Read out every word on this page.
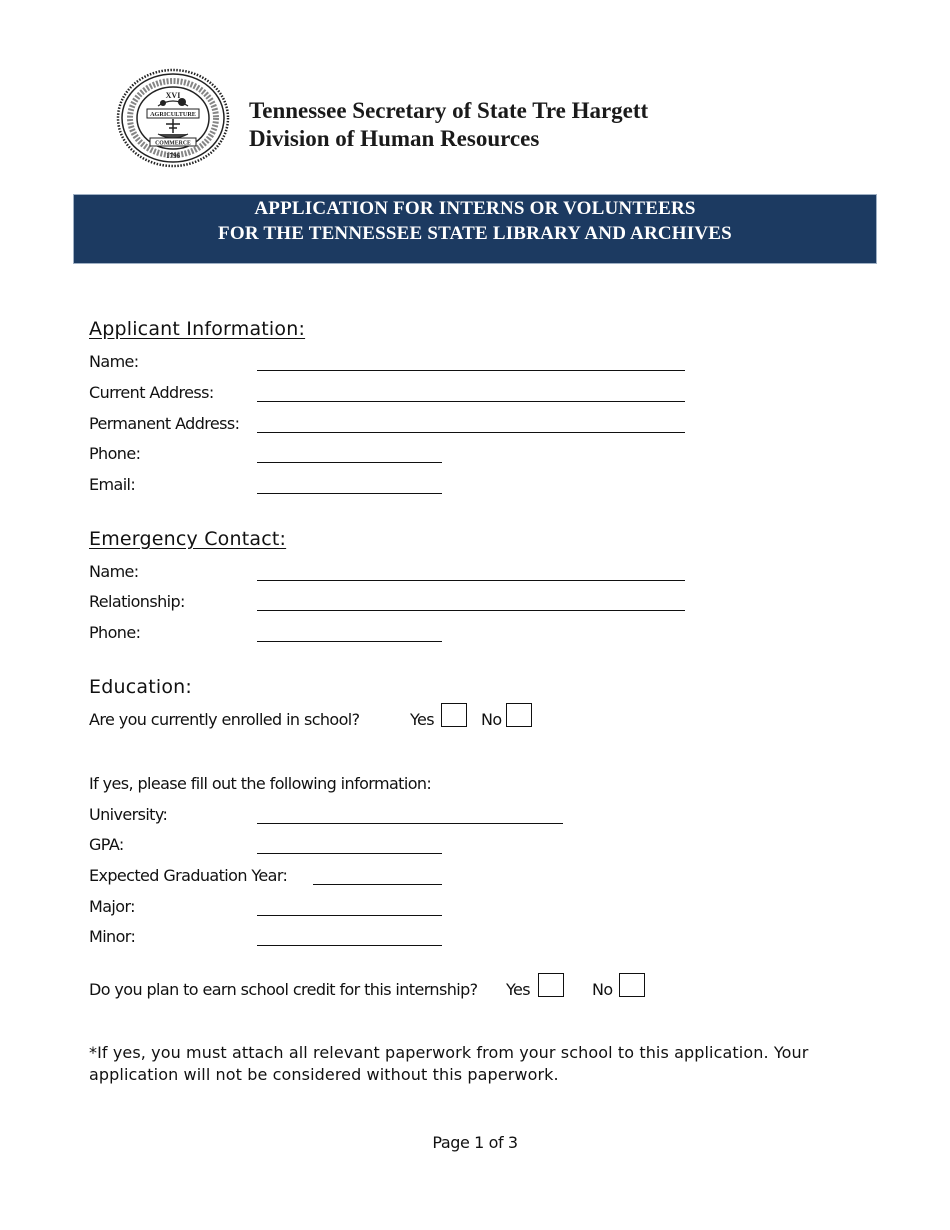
XVI
AGRICULTURE
COMMERCE
1796
Tennessee Secretary of State Tre Hargett
Division of Human Resources
APPLICATION FOR INTERNS OR VOLUNTEERS
FOR THE TENNESSEE STATE LIBRARY AND ARCHIVES
Applicant Information:
Name:
Current Address:
Permanent Address:
Phone:
Email:
Emergency Contact:
Name:
Relationship:
Phone:
Education:
Are you currently enrolled in school?	Yes	No
If yes, please fill out the following information:
University:
GPA:
Expected Graduation Year:
Major:
Minor:
Do you plan to earn school credit for this internship? Yes	No
*If yes, you must attach all relevant paperwork from your school to this application. Your application will not be considered without this paperwork.
Page 1 of 3
